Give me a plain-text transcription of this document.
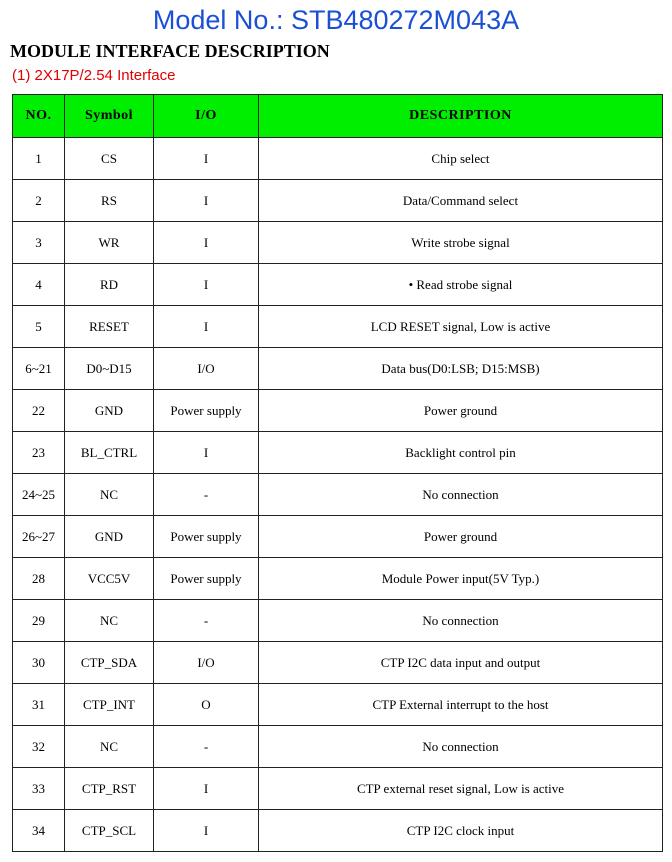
Model No.: STB480272M043A
MODULE INTERFACE DESCRIPTION
(1) 2X17P/2.54 Interface
NO.	Symbol	I/O	DESCRIPTION
1	CS	I	Chip select
2	RS	I	Data/Command select
3	WR	I	Write strobe signal
4	RD	I	• Read strobe signal
5	RESET	I	LCD RESET signal, Low is active
6~21	D0~D15	I/O	Data bus(D0:LSB; D15:MSB)
22	GND	Power supply	Power ground
23	BL_CTRL	I	Backlight control pin
24~25	NC	-	No connection
26~27	GND	Power supply	Power ground
28	VCC5V	Power supply	Module Power input(5V Typ.)
29	NC	-	No connection
30	CTP_SDA	I/O	CTP I2C data input and output
31	CTP_INT	O	CTP External interrupt to the host
32	NC	-	No connection
33	CTP_RST	I	CTP external reset signal, Low is active
34	CTP_SCL	I	CTP I2C clock input
